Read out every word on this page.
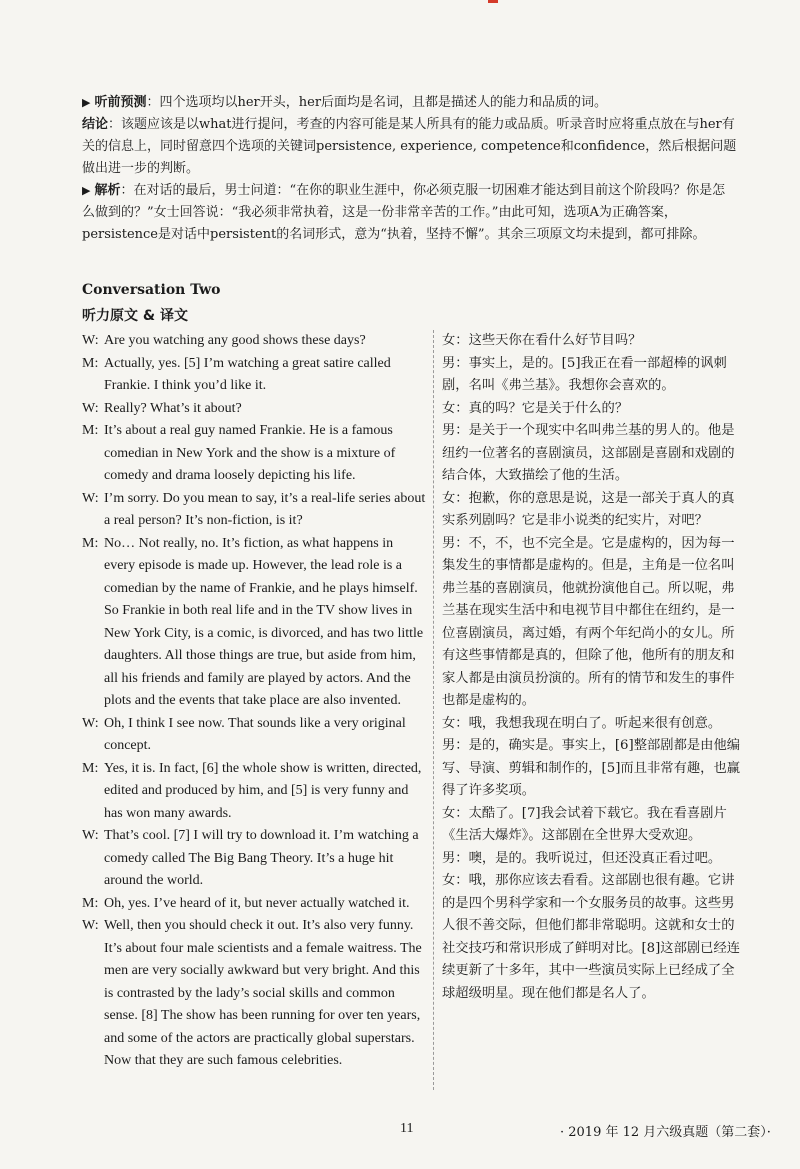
▶ 听前预测：四个选项均以her开头，her后面均是名词，且都是描述人的能力和品质的词。

结论：该题应该是以what进行提问，考查的内容可能是某人所具有的能力或品质。听录音时应将重点放在与her有关的信息上，同时留意四个选项的关键词persistence, experience, competence和confidence，然后根据问题做出进一步的判断。

▶ 解析：在对话的最后，男士问道：“在你的职业生涯中，你必须克服一切困难才能达到目前这个阶段吗？你是怎么做到的？”女士回答说：“我必须非常执着，这是一份非常辛苦的工作。”由此可知，选项A为正确答案，persistence是对话中persistent的名词形式，意为“执着，坚持不懈”。其余三项原文均未提到，都可排除。

Conversation Two
听力原文 & 译文

W: Are you watching any good shows these days?

M: Actually, yes. [5] I’m watching a great satire called Frankie. I think you’d like it.

W: Really? What’s it about?

M: It’s about a real guy named Frankie. He is a famous comedian in New York and the show is a mixture of comedy and drama loosely depicting his life.

W: I’m sorry. Do you mean to say, it’s a real-life series about a real person? It’s non-fiction, is it?

M: No… Not really, no. It’s fiction, as what happens in every episode is made up. However, the lead role is a comedian by the name of Frankie, and he plays himself. So Frankie in both real life and in the TV show lives in New York City, is a comic, is divorced, and has two little daughters. All those things are true, but aside from him, all his friends and family are played by actors. And the plots and the events that take place are also invented.

W: Oh, I think I see now. That sounds like a very original concept.

M: Yes, it is. In fact, [6] the whole show is written, directed, edited and produced by him, and [5] is very funny and has won many awards.

W: That’s cool. [7] I will try to download it. I’m watching a comedy called The Big Bang Theory. It’s a huge hit around the world.

M: Oh, yes. I’ve heard of it, but never actually watched it.

W: Well, then you should check it out. It’s also very funny. It’s about four male scientists and a female waitress. The men are very socially awkward but very bright. And this is contrasted by the lady’s social skills and common sense. [8] The show has been running for over ten years, and some of the actors are practically global superstars. Now that they are such famous celebrities.

女：这些天你在看什么好节目吗？

男：事实上，是的。[5]我正在看一部超棒的讽刺剧，名叫《弗兰基》。我想你会喜欢的。

女：真的吗？它是关于什么的？

男：是关于一个现实中名叫弗兰基的男人的。他是纽约一位著名的喜剧演员，这部剧是喜剧和戏剧的结合体，大致描绘了他的生活。

女：抱歉，你的意思是说，这是一部关于真人的真实系列剧吗？它是非小说类的纪实片，对吧？

男：不，不，也不完全是。它是虚构的，因为每一集发生的事情都是虚构的。但是，主角是一位名叫弗兰基的喜剧演员，他就扮演他自己。所以呢，弗兰基在现实生活中和电视节目中都住在纽约，是一位喜剧演员，离过婚，有两个年纪尚小的女儿。所有这些事情都是真的，但除了他，他所有的朋友和家人都是由演员扮演的。所有的情节和发生的事件也都是虚构的。

女：哦，我想我现在明白了。听起来很有创意。

男：是的，确实是。事实上，[6]整部剧都是由他编写、导演、剪辑和制作的，[5]而且非常有趣，也赢得了许多奖项。

女：太酷了。[7]我会试着下载它。我在看喜剧片《生活大爆炸》。这部剧在全世界大受欢迎。

男：噢，是的。我听说过，但还没真正看过吧。

女：哦，那你应该去看看。这部剧也很有趣。它讲的是四个男科学家和一个女服务员的故事。这些男人很不善交际，但他们都非常聪明。这就和女士的社交技巧和常识形成了鲜明对比。[8]这部剧已经连续更新了十多年，其中一些演员实际上已经成了全球超级明星。现在他们都是名人了。

11	· 2019 年 12 月六级真题（第二套）·
